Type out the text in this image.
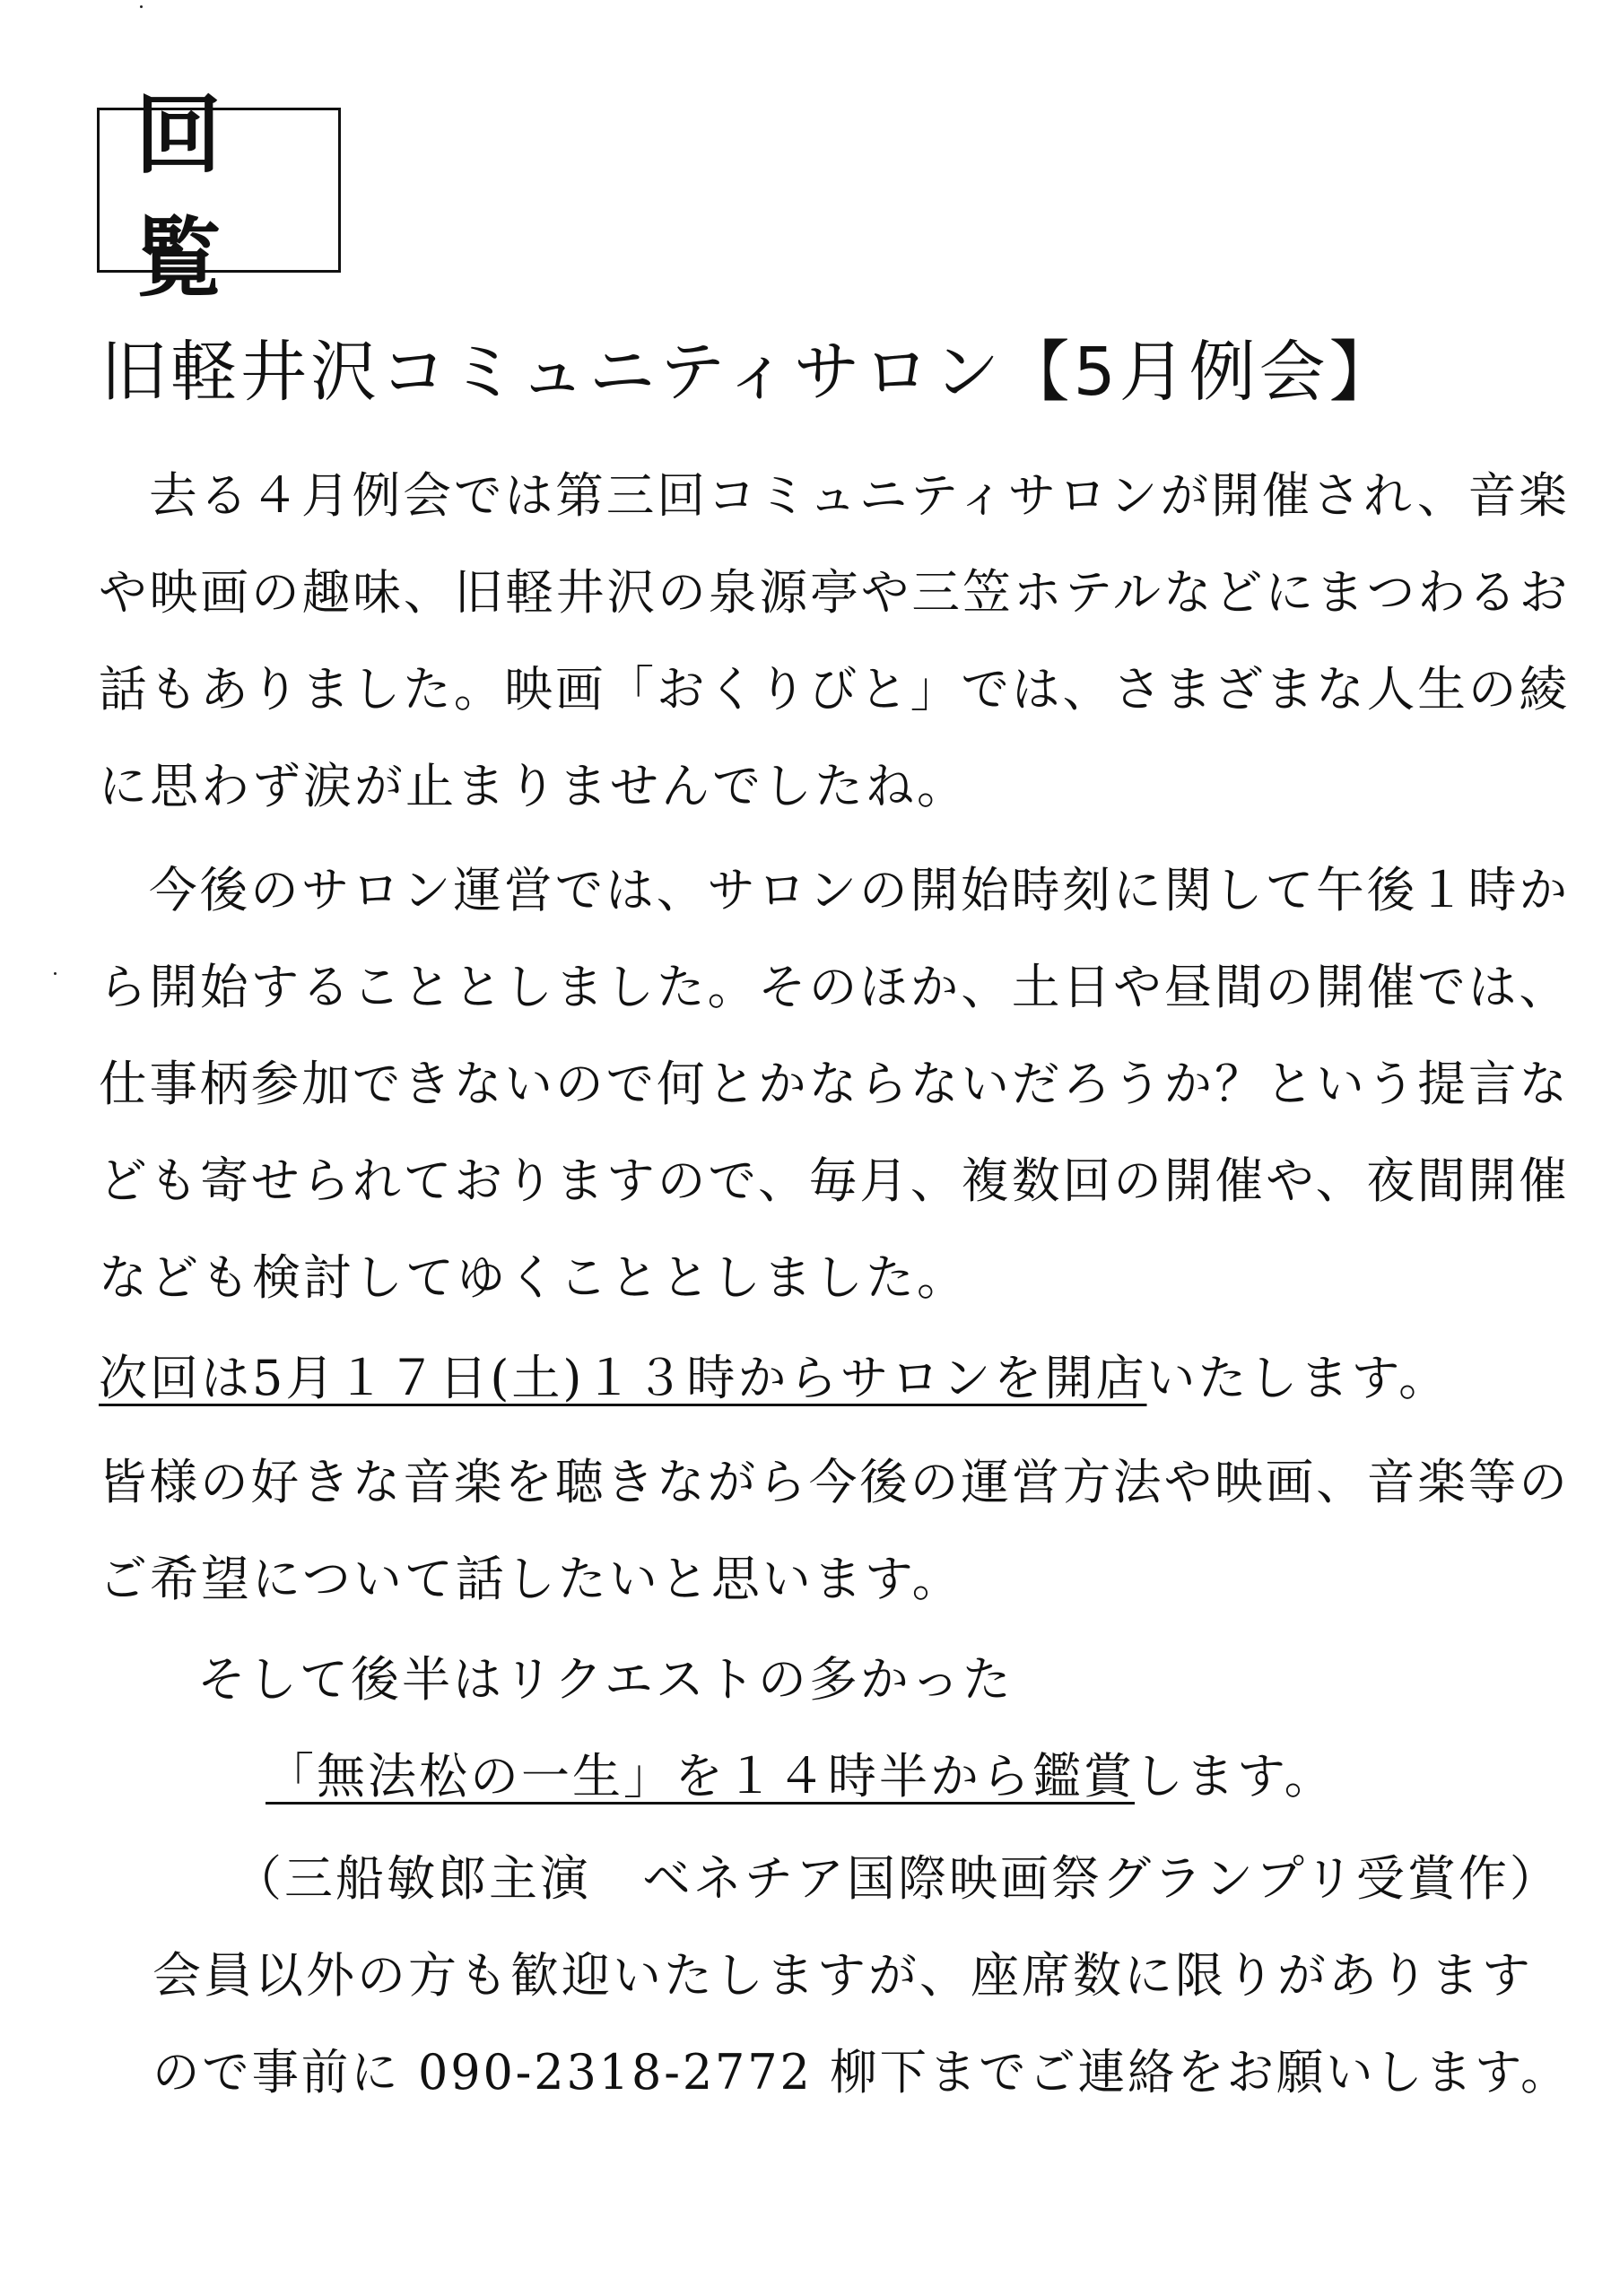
回覧
旧軽井沢コミュニティサロン【5月例会】
去る４月例会では第三回コミュニティサロンが開催され、音楽
や映画の趣味、旧軽井沢の泉源亭や三笠ホテルなどにまつわるお
話もありました。映画「おくりびと」では、さまざまな人生の綾
に思わず涙が止まりませんでしたね。
今後のサロン運営では、サロンの開始時刻に関して午後１時か
ら開始することとしました。そのほか、土日や昼間の開催では、
仕事柄参加できないので何とかならないだろうか？という提言な
ども寄せられておりますので、毎月、複数回の開催や、夜間開催
なども検討してゆくこととしました。
次回は5月１７日(土)１３時からサロンを開店いたします。
皆様の好きな音楽を聴きながら今後の運営方法や映画、音楽等の
ご希望について話したいと思います。
そして後半はリクエストの多かった
「無法松の一生」を１４時半から鑑賞します。
（三船敏郎主演　ベネチア国際映画祭グランプリ受賞作）
会員以外の方も歓迎いたしますが、座席数に限りがあります
ので事前に 090-2318-2772 柳下までご連絡をお願いします。
